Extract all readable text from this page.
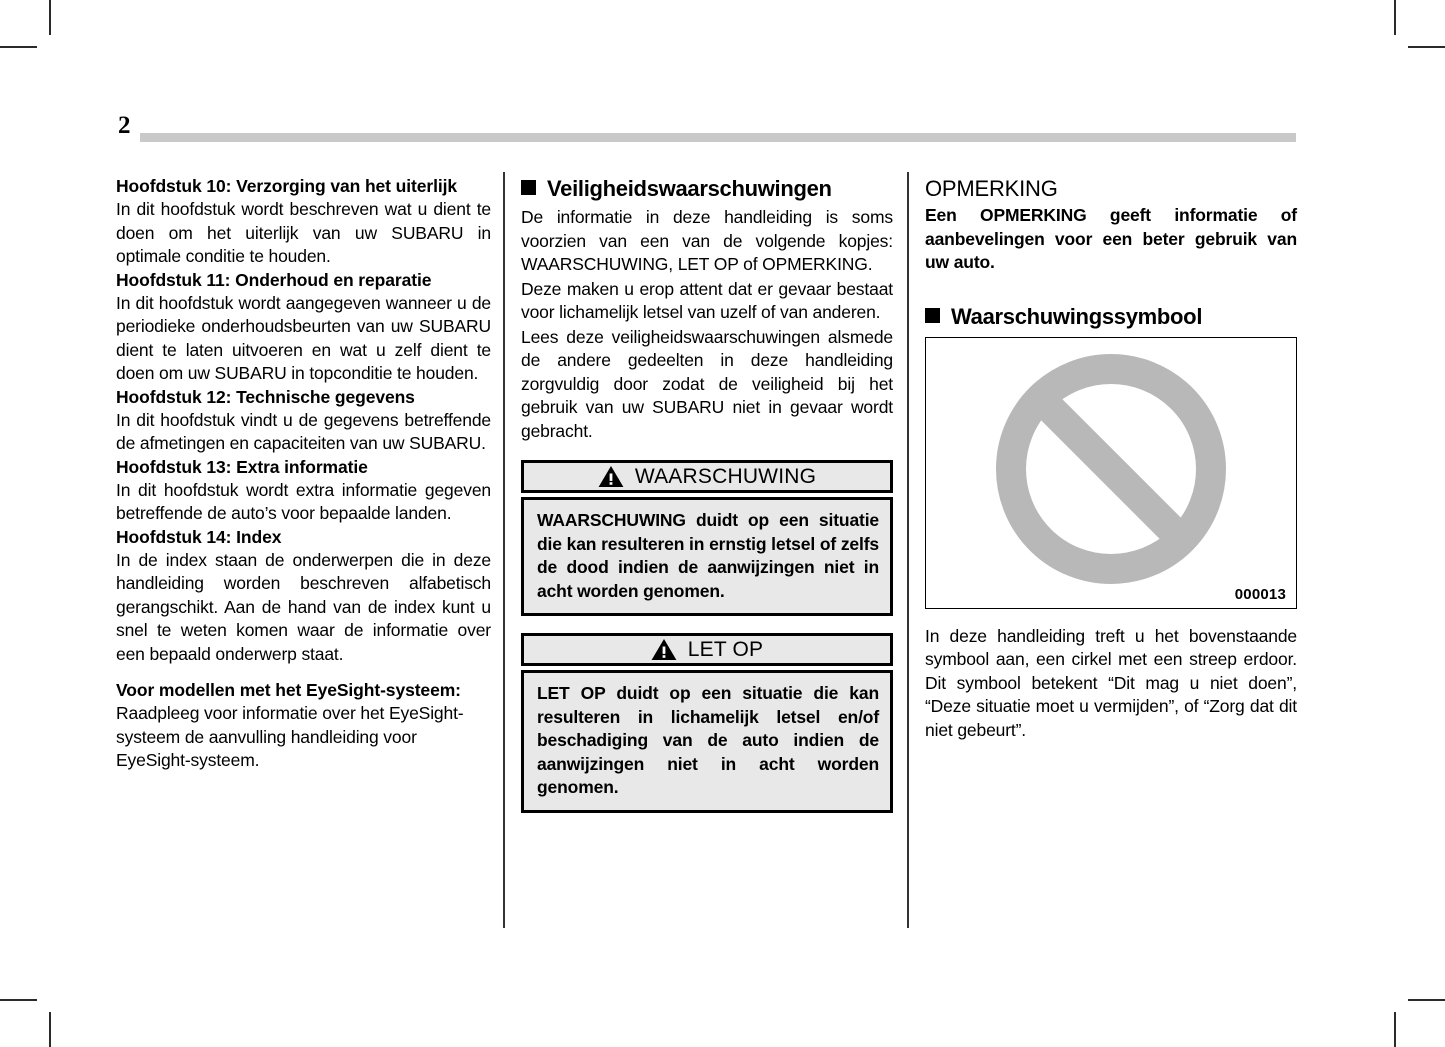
2

Hoofdstuk 10: Verzorging van het uiterlijk

In dit hoofdstuk wordt beschreven wat u dient te doen om het uiterlijk van uw SUBARU in optimale conditie te houden.

Hoofdstuk 11: Onderhoud en reparatie

In dit hoofdstuk wordt aangegeven wanneer u de periodieke onderhoudsbeurten van uw SUBARU dient te laten uitvoeren en wat u zelf dient te doen om uw SUBARU in topconditie te houden.

Hoofdstuk 12: Technische gegevens

In dit hoofdstuk vindt u de gegevens betreffende de afmetingen en capaciteiten van uw SUBARU.

Hoofdstuk 13: Extra informatie

In dit hoofdstuk wordt extra informatie gegeven betreffende de auto’s voor bepaalde landen.

Hoofdstuk 14: Index

In de index staan de onderwerpen die in deze handleiding worden beschreven alfabetisch gerangschikt. Aan de hand van de index kunt u snel te weten komen waar de informatie over een bepaald onderwerp staat.

Voor modellen met het EyeSight-systeem:

Raadpleeg voor informatie over het EyeSight-systeem de aanvulling handleiding voor EyeSight-systeem.

Veiligheidswaarschuwingen

De informatie in deze handleiding is soms voorzien van een van de volgende kopjes: WAARSCHUWING, LET OP of OPMERKING.

Deze maken u erop attent dat er gevaar bestaat voor lichamelijk letsel van uzelf of van anderen.

Lees deze veiligheidswaarschuwingen alsmede de andere gedeelten in deze handleiding zorgvuldig door zodat de veiligheid bij het gebruik van uw SUBARU niet in gevaar wordt gebracht.

WAARSCHUWING

WAARSCHUWING duidt op een situatie die kan resulteren in ernstig letsel of zelfs de dood indien de aanwijzingen niet in acht worden genomen.

LET OP

LET OP duidt op een situatie die kan resulteren in lichamelijk letsel en/of beschadiging van de auto indien de aanwijzingen niet in acht worden genomen.

OPMERKING

Een OPMERKING geeft informatie of aanbevelingen voor een beter gebruik van uw auto.

Waarschuwingssymbool
000013

In deze handleiding treft u het bovenstaande symbool aan, een cirkel met een streep erdoor. Dit symbool betekent “Dit mag u niet doen”, “Deze situatie moet u vermijden”, of “Zorg dat dit niet gebeurt”.
